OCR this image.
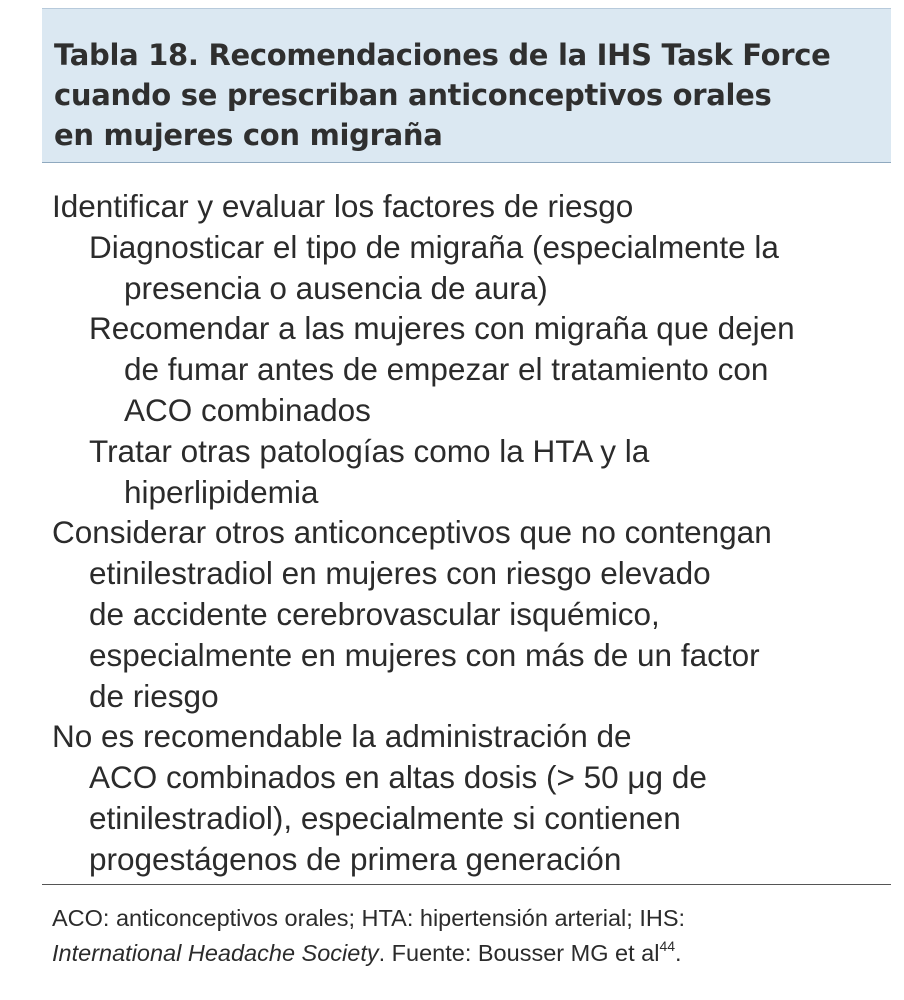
Tabla 18. Recomendaciones de la IHS Task Force
cuando se prescriban anticonceptivos orales
en mujeres con migraña
Identificar y evaluar los factores de riesgo
Diagnosticar el tipo de migraña (especialmente la
presencia o ausencia de aura)
Recomendar a las mujeres con migraña que dejen
de fumar antes de empezar el tratamiento con
ACO combinados
Tratar otras patologías como la HTA y la
hiperlipidemia
Considerar otros anticonceptivos que no contengan
etinilestradiol en mujeres con riesgo elevado
de accidente cerebrovascular isquémico,
especialmente en mujeres con más de un factor
de riesgo
No es recomendable la administración de
ACO combinados en altas dosis (> 50 μg de
etinilestradiol), especialmente si contienen
progestágenos de primera generación
ACO: anticonceptivos orales; HTA: hipertensión arterial; IHS:
International Headache Society. Fuente: Bousser MG et $al^{44}$.
